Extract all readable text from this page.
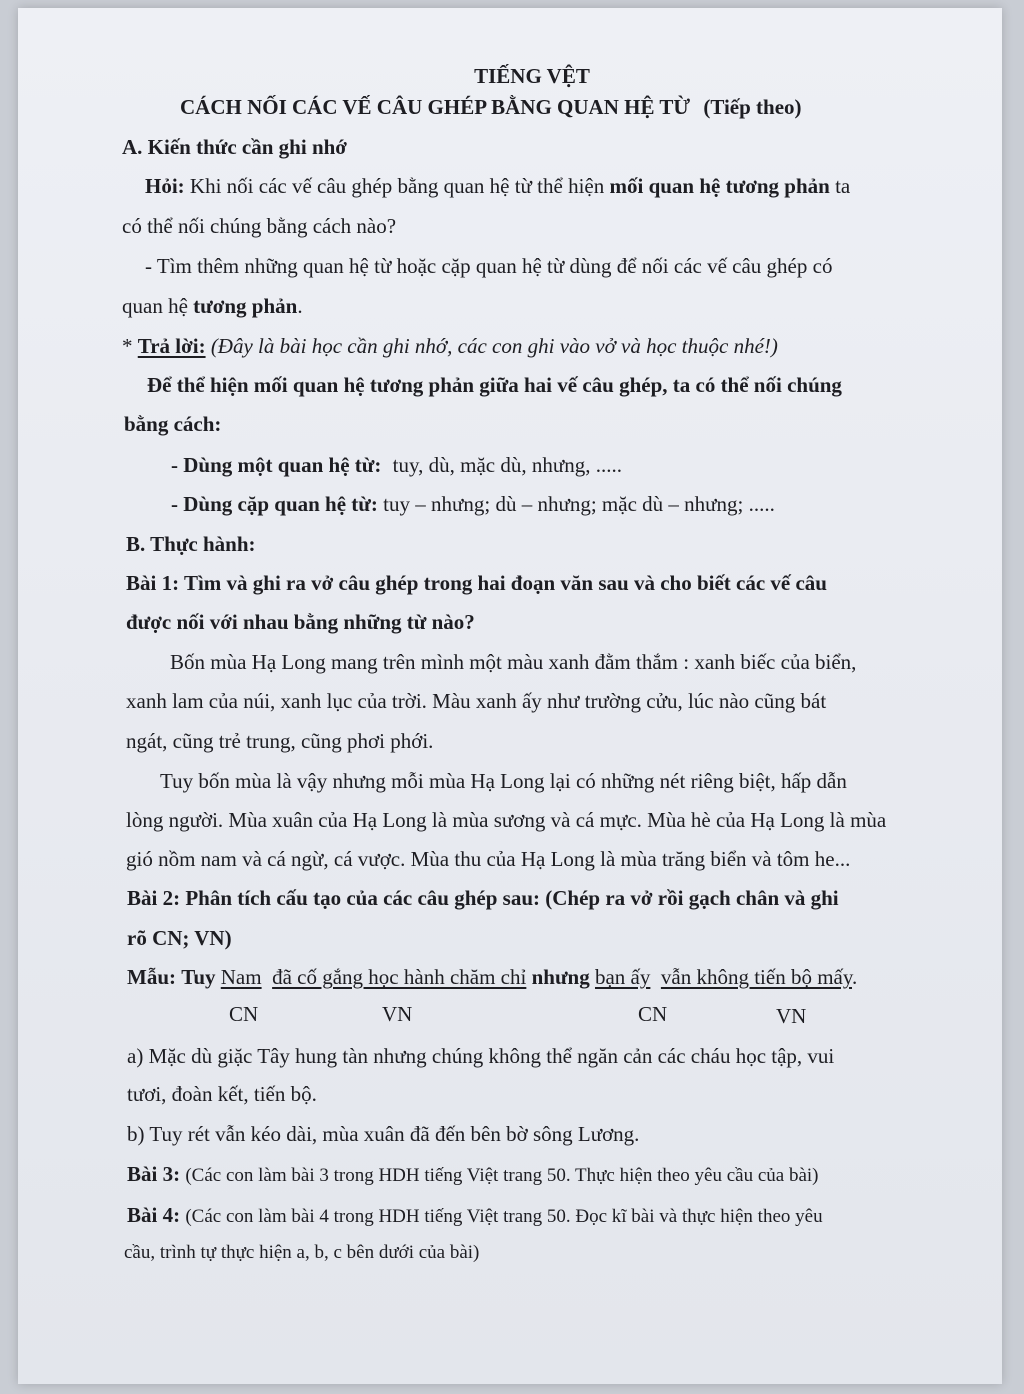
TIẾNG VỆT
CÁCH NỐI CÁC VẾ CÂU GHÉP BẰNG QUAN HỆ TỪ (Tiếp theo)
A. Kiến thức cần ghi nhớ
Hỏi: Khi nối các vế câu ghép bằng quan hệ từ thể hiện mối quan hệ tương phản ta
có thể nối chúng bằng cách nào?
- Tìm thêm những quan hệ từ hoặc cặp quan hệ từ dùng để nối các vế câu ghép có
quan hệ tương phản.
* Trả lời: (Đây là bài học cần ghi nhớ, các con ghi vào vở và học thuộc nhé!)
Để thể hiện mối quan hệ tương phản giữa hai vế câu ghép, ta có thể nối chúng
bằng cách:
- Dùng một quan hệ từ: tuy, dù, mặc dù, nhưng, .....
- Dùng cặp quan hệ từ: tuy – nhưng; dù – nhưng; mặc dù – nhưng; .....
B. Thực hành:
Bài 1: Tìm và ghi ra vở câu ghép trong hai đoạn văn sau và cho biết các vế câu
được nối với nhau bằng những từ nào?
Bốn mùa Hạ Long mang trên mình một màu xanh đằm thắm : xanh biếc của biển,
xanh lam của núi, xanh lục của trời. Màu xanh ấy như trường cửu, lúc nào cũng bát
ngát, cũng trẻ trung, cũng phơi phới.
Tuy bốn mùa là vậy nhưng mỗi mùa Hạ Long lại có những nét riêng biệt, hấp dẫn
lòng người. Mùa xuân của Hạ Long là mùa sương và cá mực. Mùa hè của Hạ Long là mùa
gió nồm nam và cá ngừ, cá vược. Mùa thu của Hạ Long là mùa trăng biển và tôm he...
Bài 2: Phân tích cấu tạo của các câu ghép sau: (Chép ra vở rồi gạch chân và ghi
rõ CN; VN)
Mẫu: Tuy Nam đã cố gắng học hành chăm chỉ nhưng bạn ấy vẫn không tiến bộ mấy.
CN	VN	CN	VN
a) Mặc dù giặc Tây hung tàn nhưng chúng không thể ngăn cản các cháu học tập, vui
tươi, đoàn kết, tiến bộ.
b) Tuy rét vẫn kéo dài, mùa xuân đã đến bên bờ sông Lương.
Bài 3: (Các con làm bài 3 trong HDH tiếng Việt trang 50. Thực hiện theo yêu cầu của bài)
Bài 4: (Các con làm bài 4 trong HDH tiếng Việt trang 50. Đọc kĩ bài và thực hiện theo yêu
cầu, trình tự thực hiện a, b, c bên dưới của bài)
